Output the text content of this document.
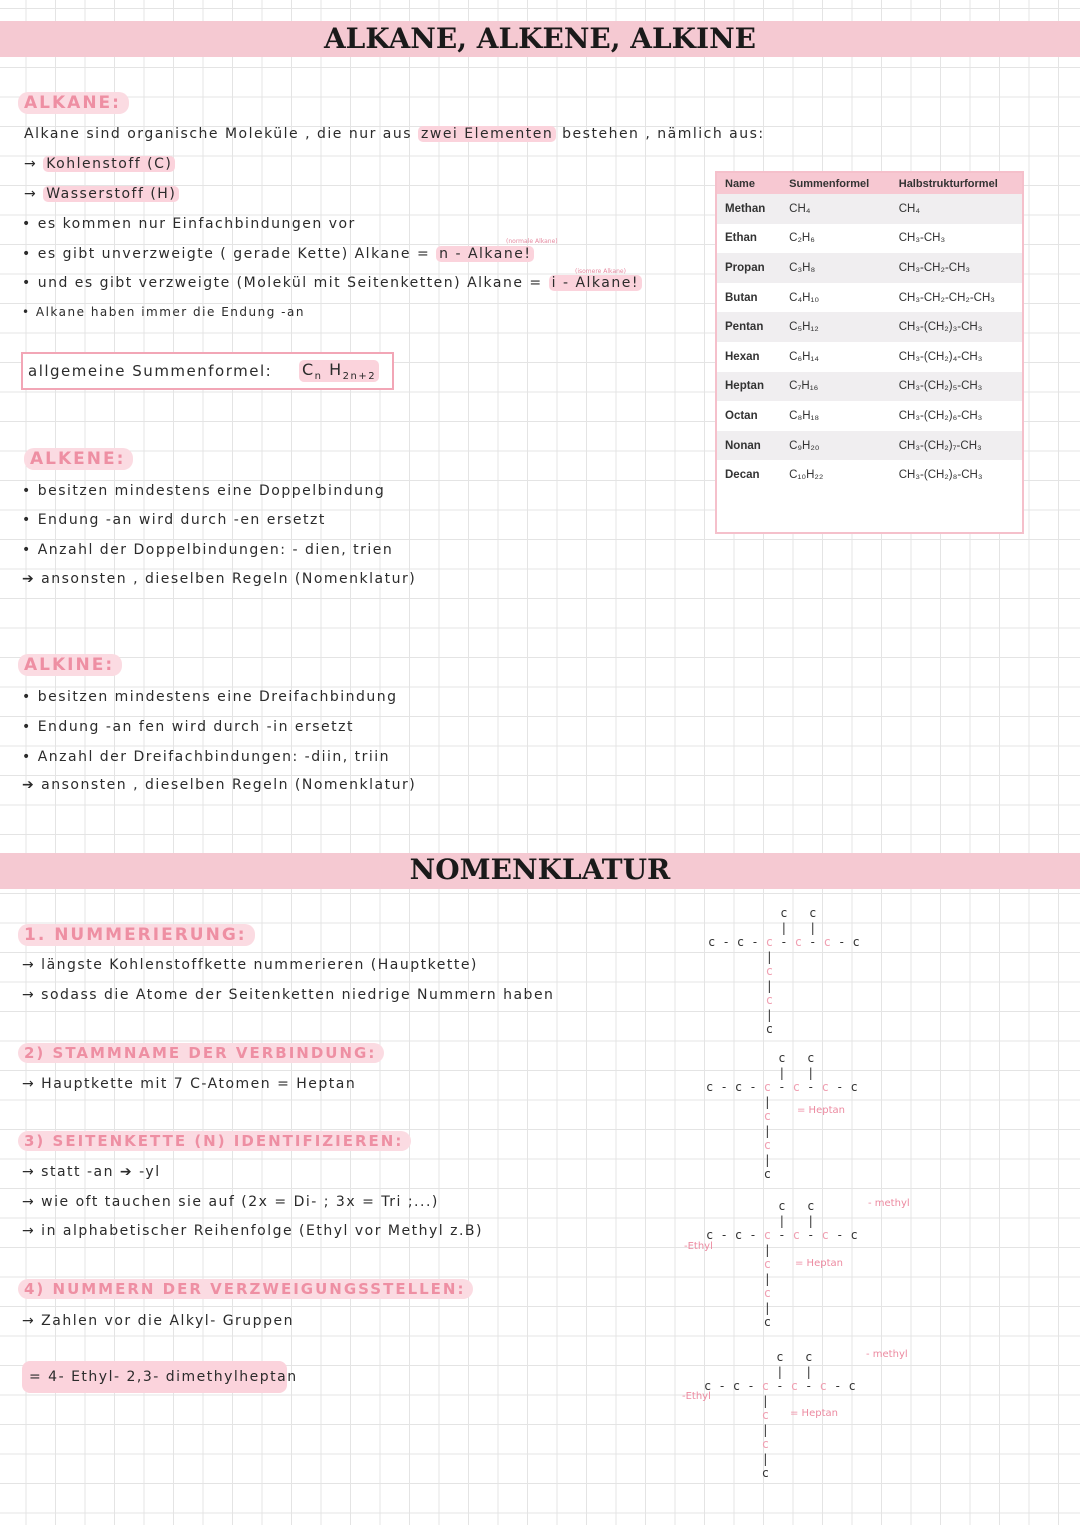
ALKANE, ALKENE, ALKINE
ALKANE:
Alkane sind organische Moleküle , die nur aus zwei Elementen bestehen , nämlich aus:
→ Kohlenstoff (C)
→ Wasserstoff (H)
• es kommen nur Einfachbindungen vor
(normale Alkane)
• es gibt unverzweigte ( gerade Kette) Alkane = n - Alkane!
(isomere Alkane)
• und es gibt verzweigte (Molekül mit Seitenketten) Alkane = i - Alkane!
• Alkane haben immer die Endung -an
allgemeine Summenformel: $C_n$ $H_{2n+2}$
Name	Summenformel	Halbstrukturformel
Methan	CH₄	CH₄
Ethan	C₂H₆	CH₃-CH₃
Propan	C₃H₈	CH₃-CH₂-CH₃
Butan	C₄H₁₀	CH₃-CH₂-CH₂-CH₃
Pentan	C₅H₁₂	CH₃-(CH₂)₃-CH₃
Hexan	C₆H₁₄	CH₃-(CH₂)₄-CH₃
Heptan	C₇H₁₆	CH₃-(CH₂)₅-CH₃
Octan	C₈H₁₈	CH₃-(CH₂)₆-CH₃
Nonan	C₉H₂₀	CH₃-(CH₂)₇-CH₃
Decan	C₁₀H₂₂	CH₃-(CH₂)₈-CH₃
ALKENE:
• besitzen mindestens eine Doppelbindung
• Endung -an wird durch -en ersetzt
• Anzahl der Doppelbindungen: - dien, trien
➔ ansonsten , dieselben Regeln (Nomenklatur)
ALKINE:
• besitzen mindestens eine Dreifachbindung
• Endung -an fen wird durch -in ersetzt
• Anzahl der Dreifachbindungen: -diin, triin
➔ ansonsten , dieselben Regeln (Nomenklatur)
NOMENKLATUR
1. NUMMERIERUNG:
→ längste Kohlenstoffkette nummerieren (Hauptkette)
→ sodass die Atome der Seitenketten niedrige Nummern haben
2) STAMMNAME DER VERBINDUNG:
→ Hauptkette mit 7 C-Atomen = Heptan
3) SEITENKETTE (N) IDENTIFIZIEREN:
→ statt -an ➔ -yl
→ wie oft tauchen sie auf (2x = Di- ; 3x = Tri ;...)
→ in alphabetischer Reihenfolge (Ethyl vor Methyl z.B)
4) NUMMERN DER VERZWEIGUNGSSTELLEN:
→ Zahlen vor die Alkyl- Gruppen
= 4- Ethyl- 2,3- dimethylheptan
c   c
|   |
c - c - c - c - c - c
|
c
|
c
|
c
c   c
|   |
c - c - c - c - c - c
|
c
|
c
|
c
= Heptan
c   c
|   |
c - c - c - c - c - c
|
c
|
c
|
c
- methyl
-Ethyl
= Heptan
c   c
|   |
c - c - c - c - c - c
|
c
|
c
|
c
- methyl
-Ethyl
= Heptan
